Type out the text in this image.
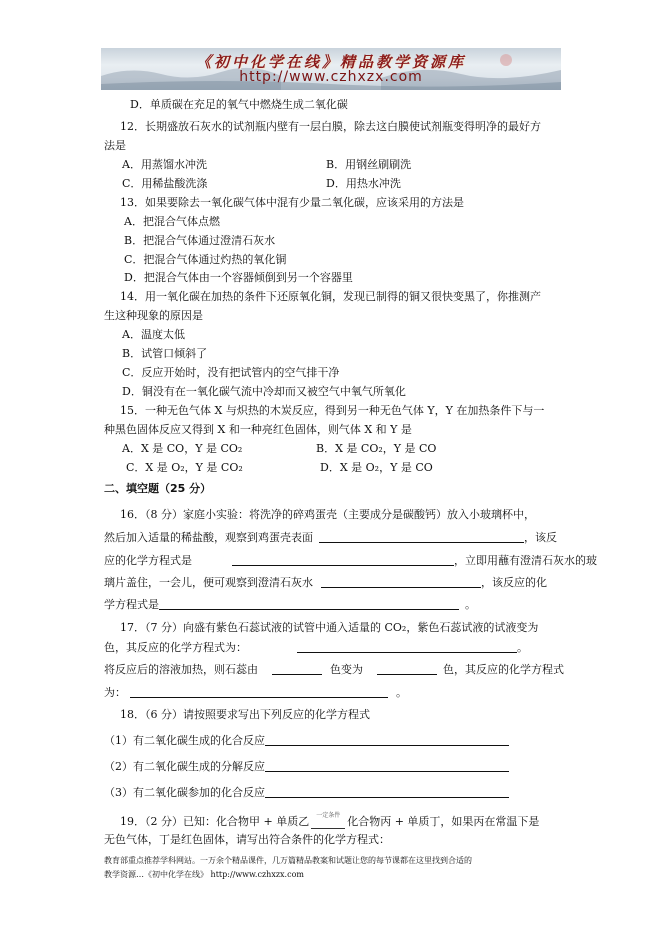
《初中化学在线》精品教学资源库
http://www.czhxzx.com
D．单质碳在充足的氧气中燃烧生成二氧化碳
12．长期盛放石灰水的试剂瓶内壁有一层白膜，除去这白膜使试剂瓶变得明净的最好方
法是
A．用蒸馏水冲洗	B．用钢丝刷刷洗
C．用稀盐酸洗涤	D．用热水冲洗
13．如果要除去一氧化碳气体中混有少量二氧化碳，应该采用的方法是
A．把混合气体点燃
B．把混合气体通过澄清石灰水
C．把混合气体通过灼热的氧化铜
D．把混合气体由一个容器倾倒到另一个容器里
14．用一氧化碳在加热的条件下还原氧化铜，发现已制得的铜又很快变黑了，你推测产
生这种现象的原因是
A．温度太低
B．试管口倾斜了
C．反应开始时，没有把试管内的空气排干净
D．铜没有在一氧化碳气流中冷却而又被空气中氧气所氧化
15．一种无色气体 X 与炽热的木炭反应，得到另一种无色气体 Y，Y 在加热条件下与一
种黑色固体反应又得到 X 和一种亮红色固体，则气体 X 和 Y 是
A．X 是 CO，Y 是 CO₂	B．X 是 CO₂，Y 是 CO
C．X 是 O₂，Y 是 CO₂	D．X 是 O₂，Y 是 CO
二、填空题（25 分）
16．（8 分）家庭小实验：将洗净的碎鸡蛋壳（主要成分是碳酸钙）放入小玻璃杯中，
然后加入适量的稀盐酸，观察到鸡蛋壳表面	，该反
应的化学方程式是	，立即用蘸有澄清石灰水的玻
璃片盖住，一会儿，便可观察到澄清石灰水	，该反应的化
学方程式是	。
17．（7 分）向盛有紫色石蕊试液的试管中通入适量的 CO₂，紫色石蕊试液的试液变为
色，其反应的化学方程式为：	。
将反应后的溶液加热，则石蕊由	色变为	色，其反应的化学方程式
为：	。
18．（6 分）请按照要求写出下列反应的化学方程式
（1）有二氧化碳生成的化合反应
（2）有二氧化碳生成的分解反应
（3）有二氧化碳参加的化合反应
19．（2 分）已知：化合物甲 + 单质乙 $^{一定条件}$ 化合物丙 + 单质丁，如果丙在常温下是
无色气体，丁是红色固体，请写出符合条件的化学方程式：
教育部重点推荐学科网站。一万余个精品课件，几万篇精品教案和试题让您的每节课都在这里找到合适的
教学资源…《初中化学在线》 http://www.czhxzx.com
